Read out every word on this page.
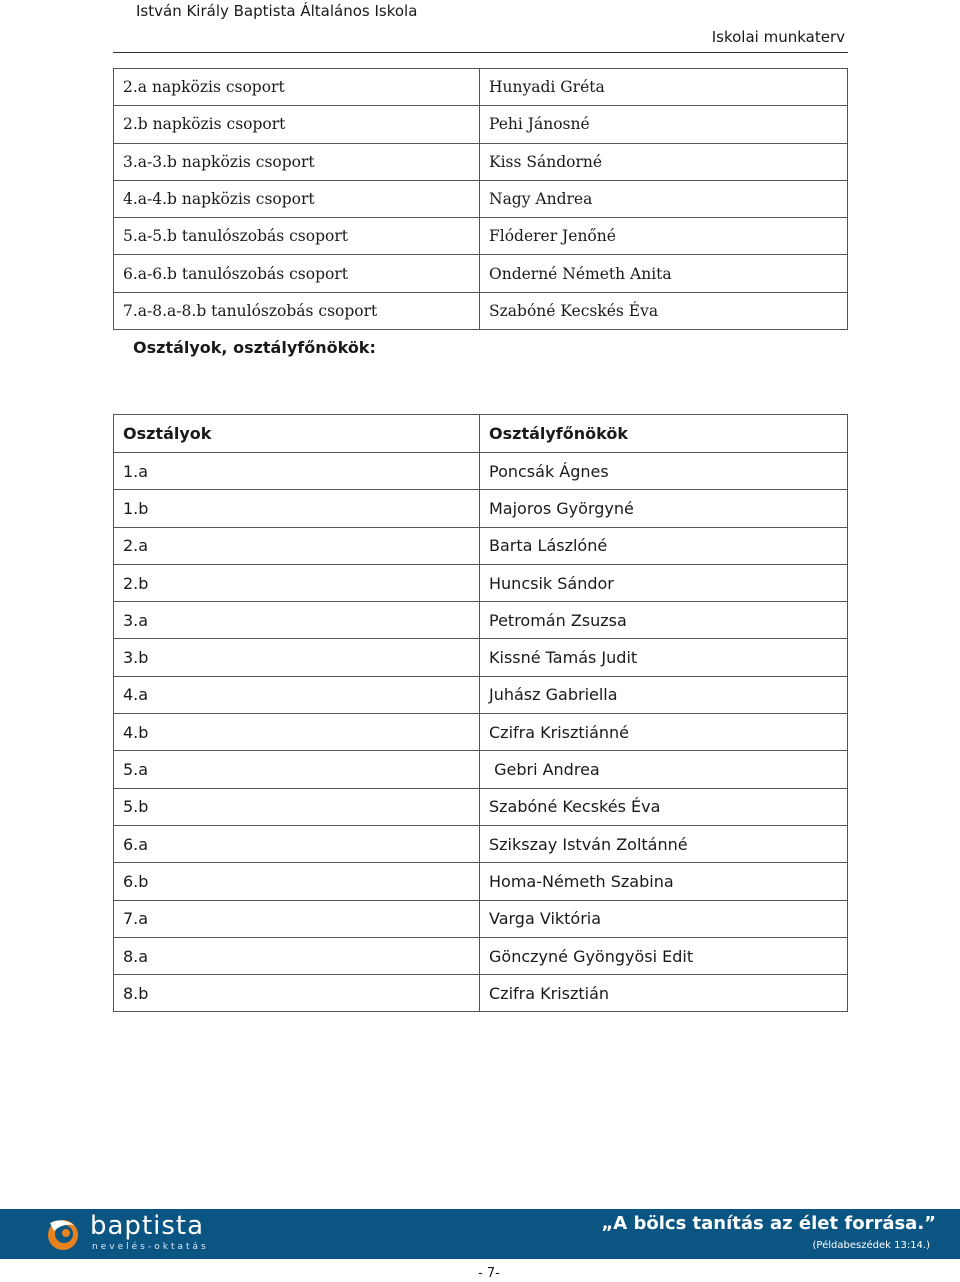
István Király Baptista Általános Iskola
Iskolai munkaterv
2.a napközis csoport	Hunyadi Gréta
2.b napközis csoport	Pehi Jánosné
3.a-3.b napközis csoport	Kiss Sándorné
4.a-4.b napközis csoport	Nagy Andrea
5.a-5.b tanulószobás csoport	Flóderer Jenőné
6.a-6.b tanulószobás csoport	Onderné Németh Anita
7.a-8.a-8.b tanulószobás csoport	Szabóné Kecskés Éva
Osztályok, osztályfőnökök:
Osztályok	Osztályfőnökök
1.a	Poncsák Ágnes
1.b	Majoros Györgyné
2.a	Barta Lászlóné
2.b	Huncsik Sándor
3.a	Petromán Zsuzsa
3.b	Kissné Tamás Judit
4.a	Juhász Gabriella
4.b	Czifra Krisztiánné
5.a	Gebri Andrea
5.b	Szabóné Kecskés Éva
6.a	Szikszay István Zoltánné
6.b	Homa-Németh Szabina
7.a	Varga Viktória
8.a	Gönczyné Gyöngyösi Edit
8.b	Czifra Krisztián
baptista
nevelés-oktatás
„A bölcs tanítás az élet forrása.”
(Példabeszédek 13:14.)
- 7-
